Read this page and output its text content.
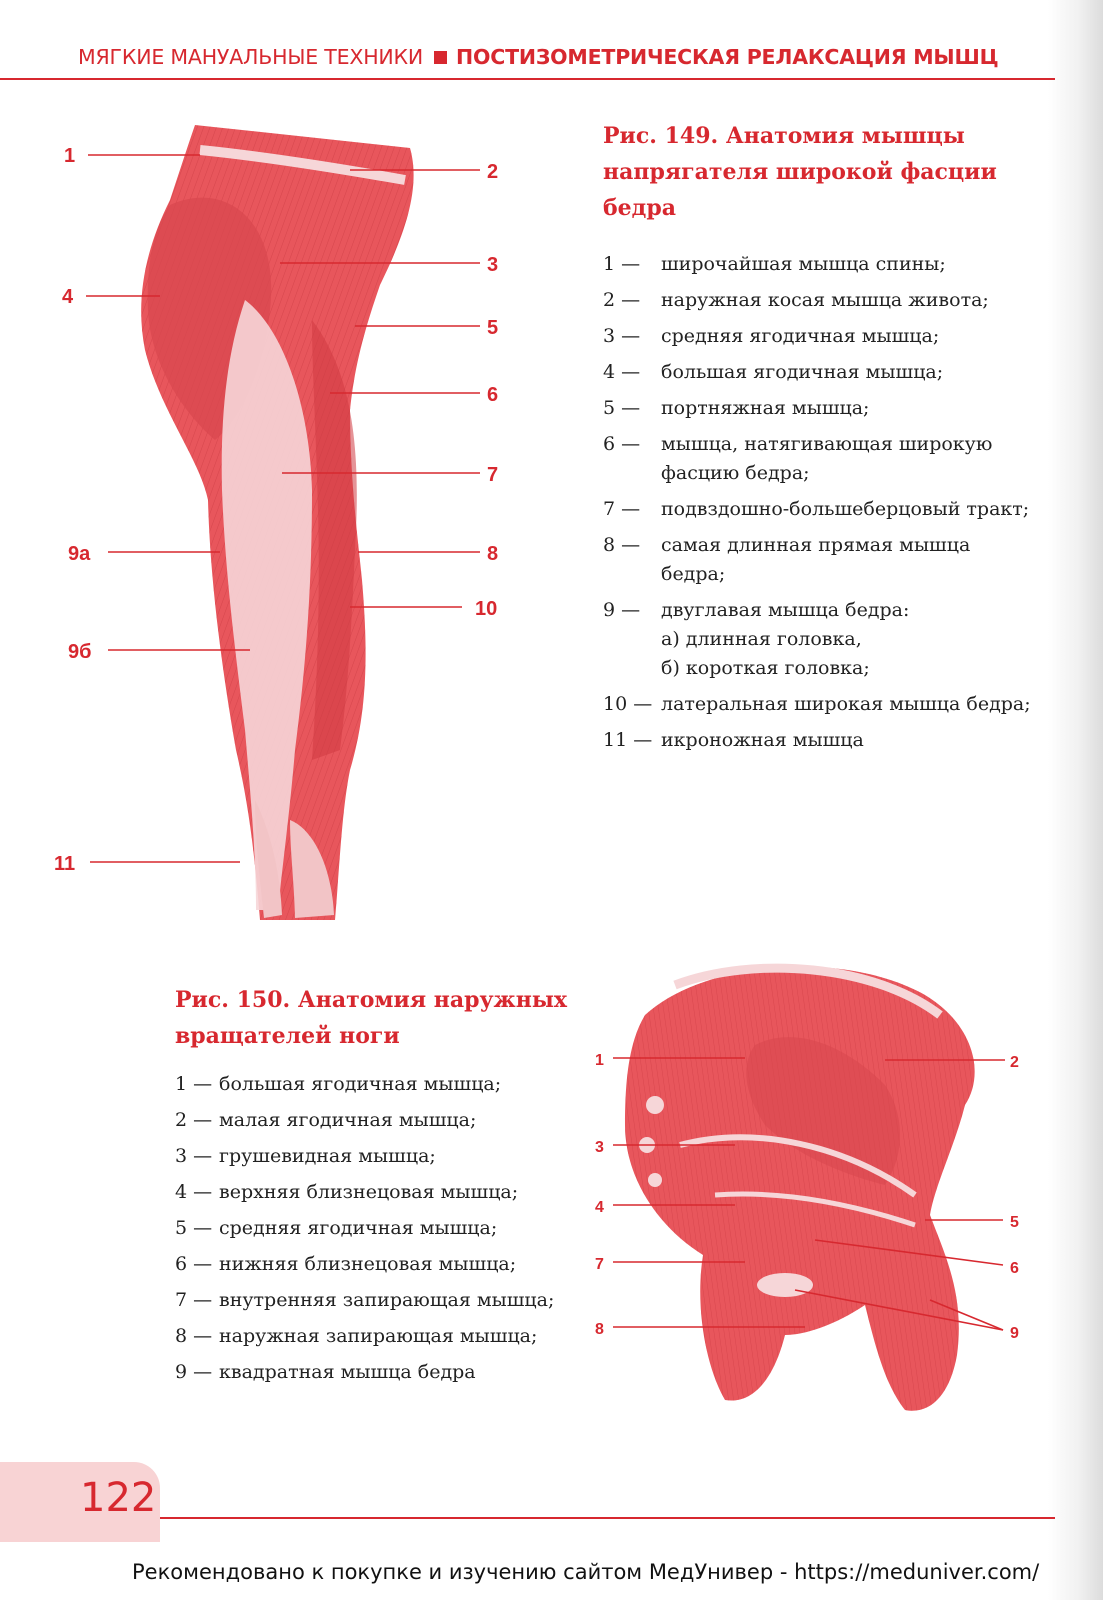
МЯГКИЕ МАНУАЛЬНЫЕ ТЕХНИКИ ПОСТИЗОМЕТРИЧЕСКАЯ РЕЛАКСАЦИЯ МЫШЦ
1
2
3
4
5
6
7
9а	8
10
9б
11
Рис. 149. Анатомия мышцы напрягателя широкой фасции бедра
1 — широчайшая мышца спины;
2 — наружная косая мышца живота;
3 — средняя ягодичная мышца;
4 — большая ягодичная мышца;
5 — портняжная мышца;
6 — мышца, натягивающая широкую фасцию бедра;
7 — подвздошно-большеберцовый тракт;
8 — самая длинная прямая мышца бедра;
9 — двуглавая мышца бедра:
а) длинная головка,
б) короткая головка;
10 — латеральная широкая мышца бедра;
11 — икроножная мышца
Рис. 150. Анатомия наружных вращателей ноги
1 — большая ягодичная мышца;
2 — малая ягодичная мышца;
3 — грушевидная мышца;
4 — верхняя близнецовая мышца;
5 — средняя ягодичная мышца;
6 — нижняя близнецовая мышца;
7 — внутренняя запирающая мышца;
8 — наружная запирающая мышца;
9 — квадратная мышца бедра
1	2
3
4
5
6
7
8	9
122
Рекомендовано к покупке и изучению сайтом МедУнивер - https://meduniver.com/
